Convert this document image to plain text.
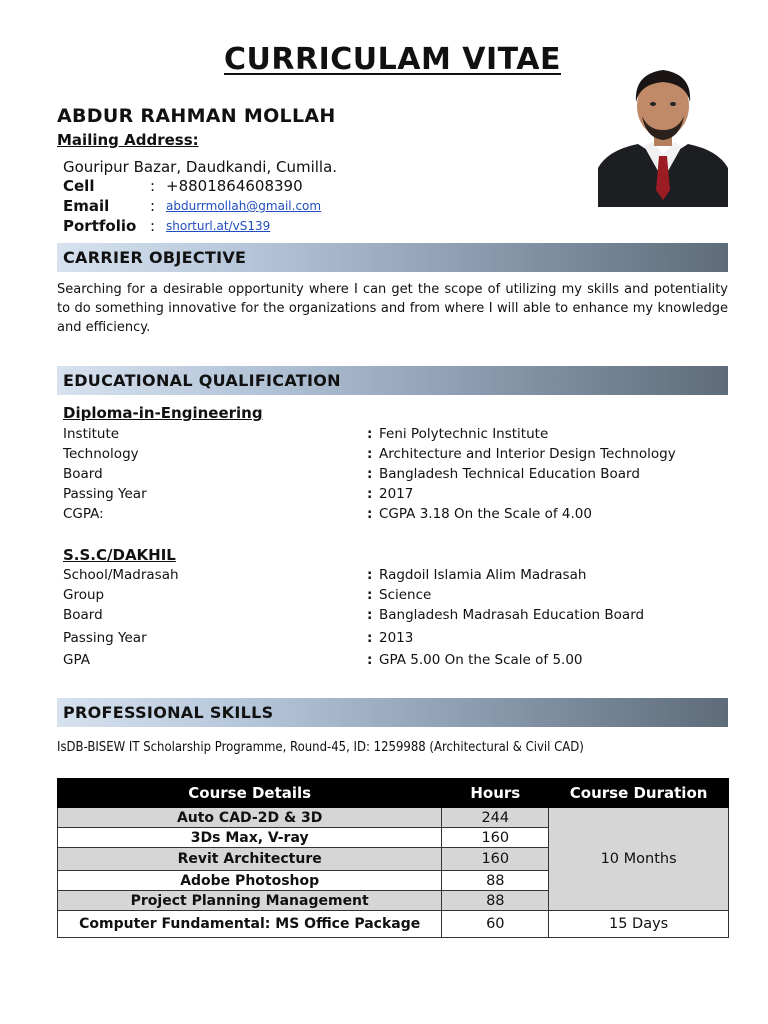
CURRICULAM VITAE
ABDUR RAHMAN MOLLAH
Mailing Address:
Gouripur Bazar, Daudkandi, Cumilla.
Cell	: +8801864608390
Email	: abdurrmollah@gmail.com
Portfolio : shorturl.at/vS139
CARRIER OBJECTIVE
Searching for a desirable opportunity where I can get the scope of utilizing my skills and potentiality to do something innovative for the organizations and from where I will able to enhance my knowledge and efficiency.
EDUCATIONAL QUALIFICATION
Diploma-in-Engineering
Institute	: Feni Polytechnic Institute
Technology	: Architecture and Interior Design Technology
Board	: Bangladesh Technical Education Board
Passing Year	: 2017
CGPA:	: CGPA 3.18 On the Scale of 4.00
S.S.C/DAKHIL
School/Madrasah	: Ragdoil Islamia Alim Madrasah
Group	: Science
Board	: Bangladesh Madrasah Education Board
Passing Year	: 2013
GPA	: GPA 5.00 On the Scale of 5.00
PROFESSIONAL SKILLS
IsDB-BISEW IT Scholarship Programme, Round-45, ID: 1259988 (Architectural & Civil CAD)
Course Details	Hours	Course Duration
Auto CAD-2D & 3D	244	10 Months
3Ds Max, V-ray	160	
Revit Architecture	160	
Adobe Photoshop	88	
Project Planning Management	88	
Computer Fundamental: MS Office Package	60	15 Days
